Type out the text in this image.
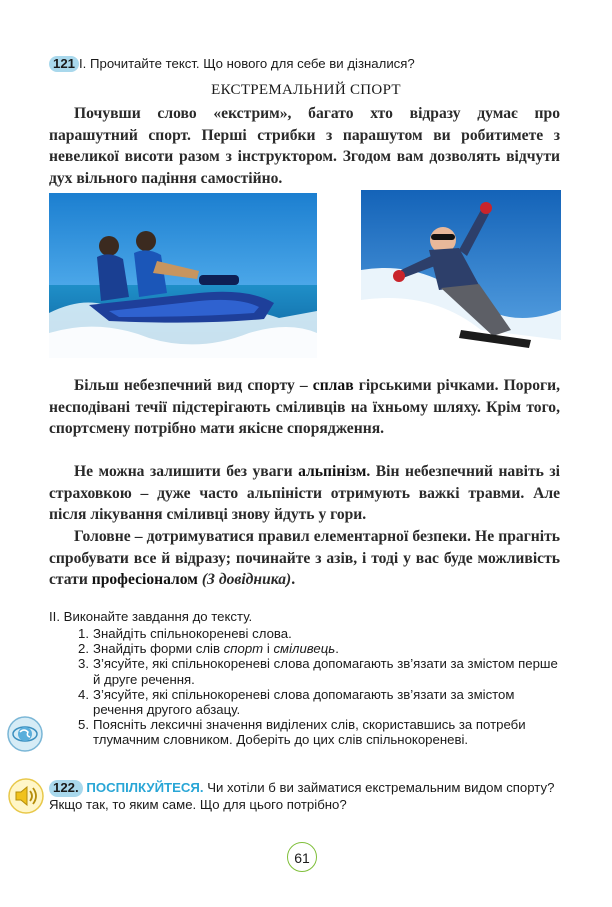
121 І. Прочитайте текст. Що нового для себе ви дізналися?
ЕКСТРЕМАЛЬНИЙ СПОРТ
Почувши слово «екстрим», багато хто відразу думає про парашутний спорт. Перші стрибки з парашутом ви робитимете з невеликої висоти разом з інструктором. Згодом вам дозволять відчути дух вільного падіння самостійно.
Більш небезпечний вид спорту – сплав гірськими річками. Пороги, несподівані течії підстерігають сміливців на їхньому шляху. Крім того, спортсмену потрібно мати якісне спорядження.
Не можна залишити без уваги альпінізм. Він небезпечний навіть зі страховкою – дуже часто альпіністи отримують важкі травми. Але після лікування сміливці знову йдуть у гори.
Головне – дотримуватися правил елементарної безпеки. Не прагніть спробувати все й відразу; починайте з азів, і тоді у вас буде можливість стати професіоналом (З довідника).
ІІ. Виконайте завдання до тексту.
1. Знайдіть спільнокореневі слова.
2. Знайдіть форми слів спорт і сміливець.
3. З’ясуйте, які спільнокореневі слова допомагають зв’язати за змістом перше й друге речення.
4. З’ясуйте, які спільнокореневі слова допомагають зв’язати за змістом речення другого абзацу.
5. Поясніть лексичні значення виділених слів, скориставшись за потреби тлумачним словником. Доберіть до цих слів спільнокореневі.
122. ПОСПІЛКУЙТЕСЯ. Чи хотіли б ви займатися екстремальним видом спорту? Якщо так, то яким саме. Що для цього потрібно?
61
